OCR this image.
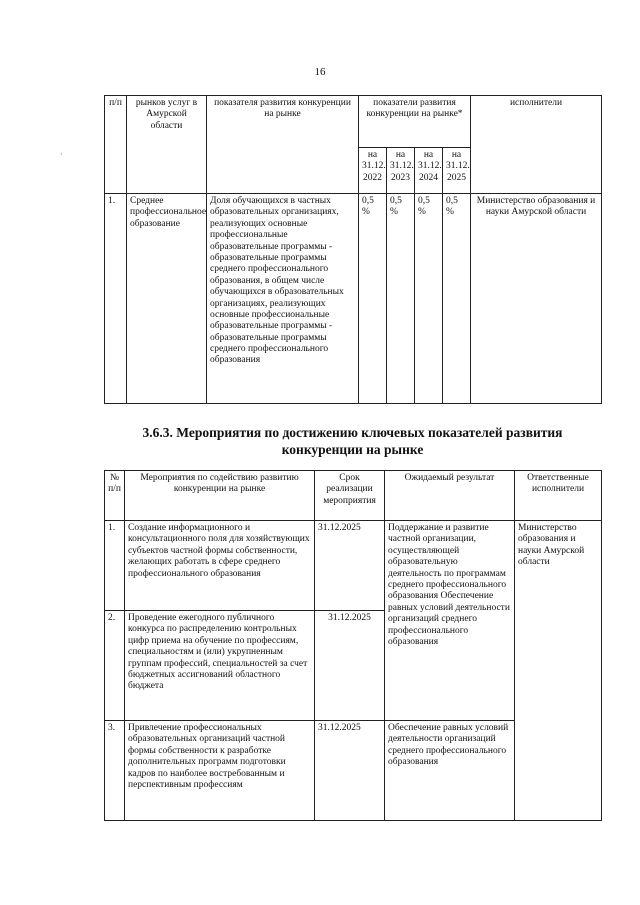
16
·
п/п	рынков услуг в Амурской области	показателя развития конкуренции на рынке	показатели развития конкуренции на рынке*				исполнители
			на 31.12. 2022	на 31.12. 2023	на 31.12. 2024	на 31.12. 2025	
1.	Среднее профессиональное образование	Доля обучающихся в частных образовательных организациях, реализующих основные профессиональные образовательные программы - образовательные программы среднего профессионального образования, в общем числе обучающихся в образовательных организациях, реализующих основные профессиональные образовательные программы - образовательные программы среднего профессионального образования	0,5 %	0,5 %	0,5 %	0,5 %	Министерство образования и науки Амурской области
3.6.3. Мероприятия по достижению ключевых показателей развития конкуренции на рынке
№ п/п	Мероприятия по содействию развитию конкуренции на рынке	Срок реализации мероприятия	Ожидаемый результат	Ответственные исполнители
1.	Создание информационного и консультационного поля для хозяйствующих субъектов частной формы собственности, желающих работать в сфере среднего профессионального образования	31.12.2025	Поддержание и развитие частной организации, осуществляющей образовательную деятельность по программам среднего профессионального образования Обеспечение равных условий деятельности организаций среднего профессионального образования	Министерство образования и науки Амурской области
2.	Проведение ежегодного публичного конкурса по распределению контрольных цифр приема на обучение по профессиям, специальностям и (или) укрупненным группам профессий, специальностей за счет бюджетных ассигнований областного бюджета	31.12.2025		
3.	Привлечение профессиональных образовательных организаций частной формы собственности к разработке дополнительных программ подготовки кадров по наиболее востребованным и перспективным профессиям	31.12.2025	Обеспечение равных условий деятельности организаций среднего профессионального образования	
